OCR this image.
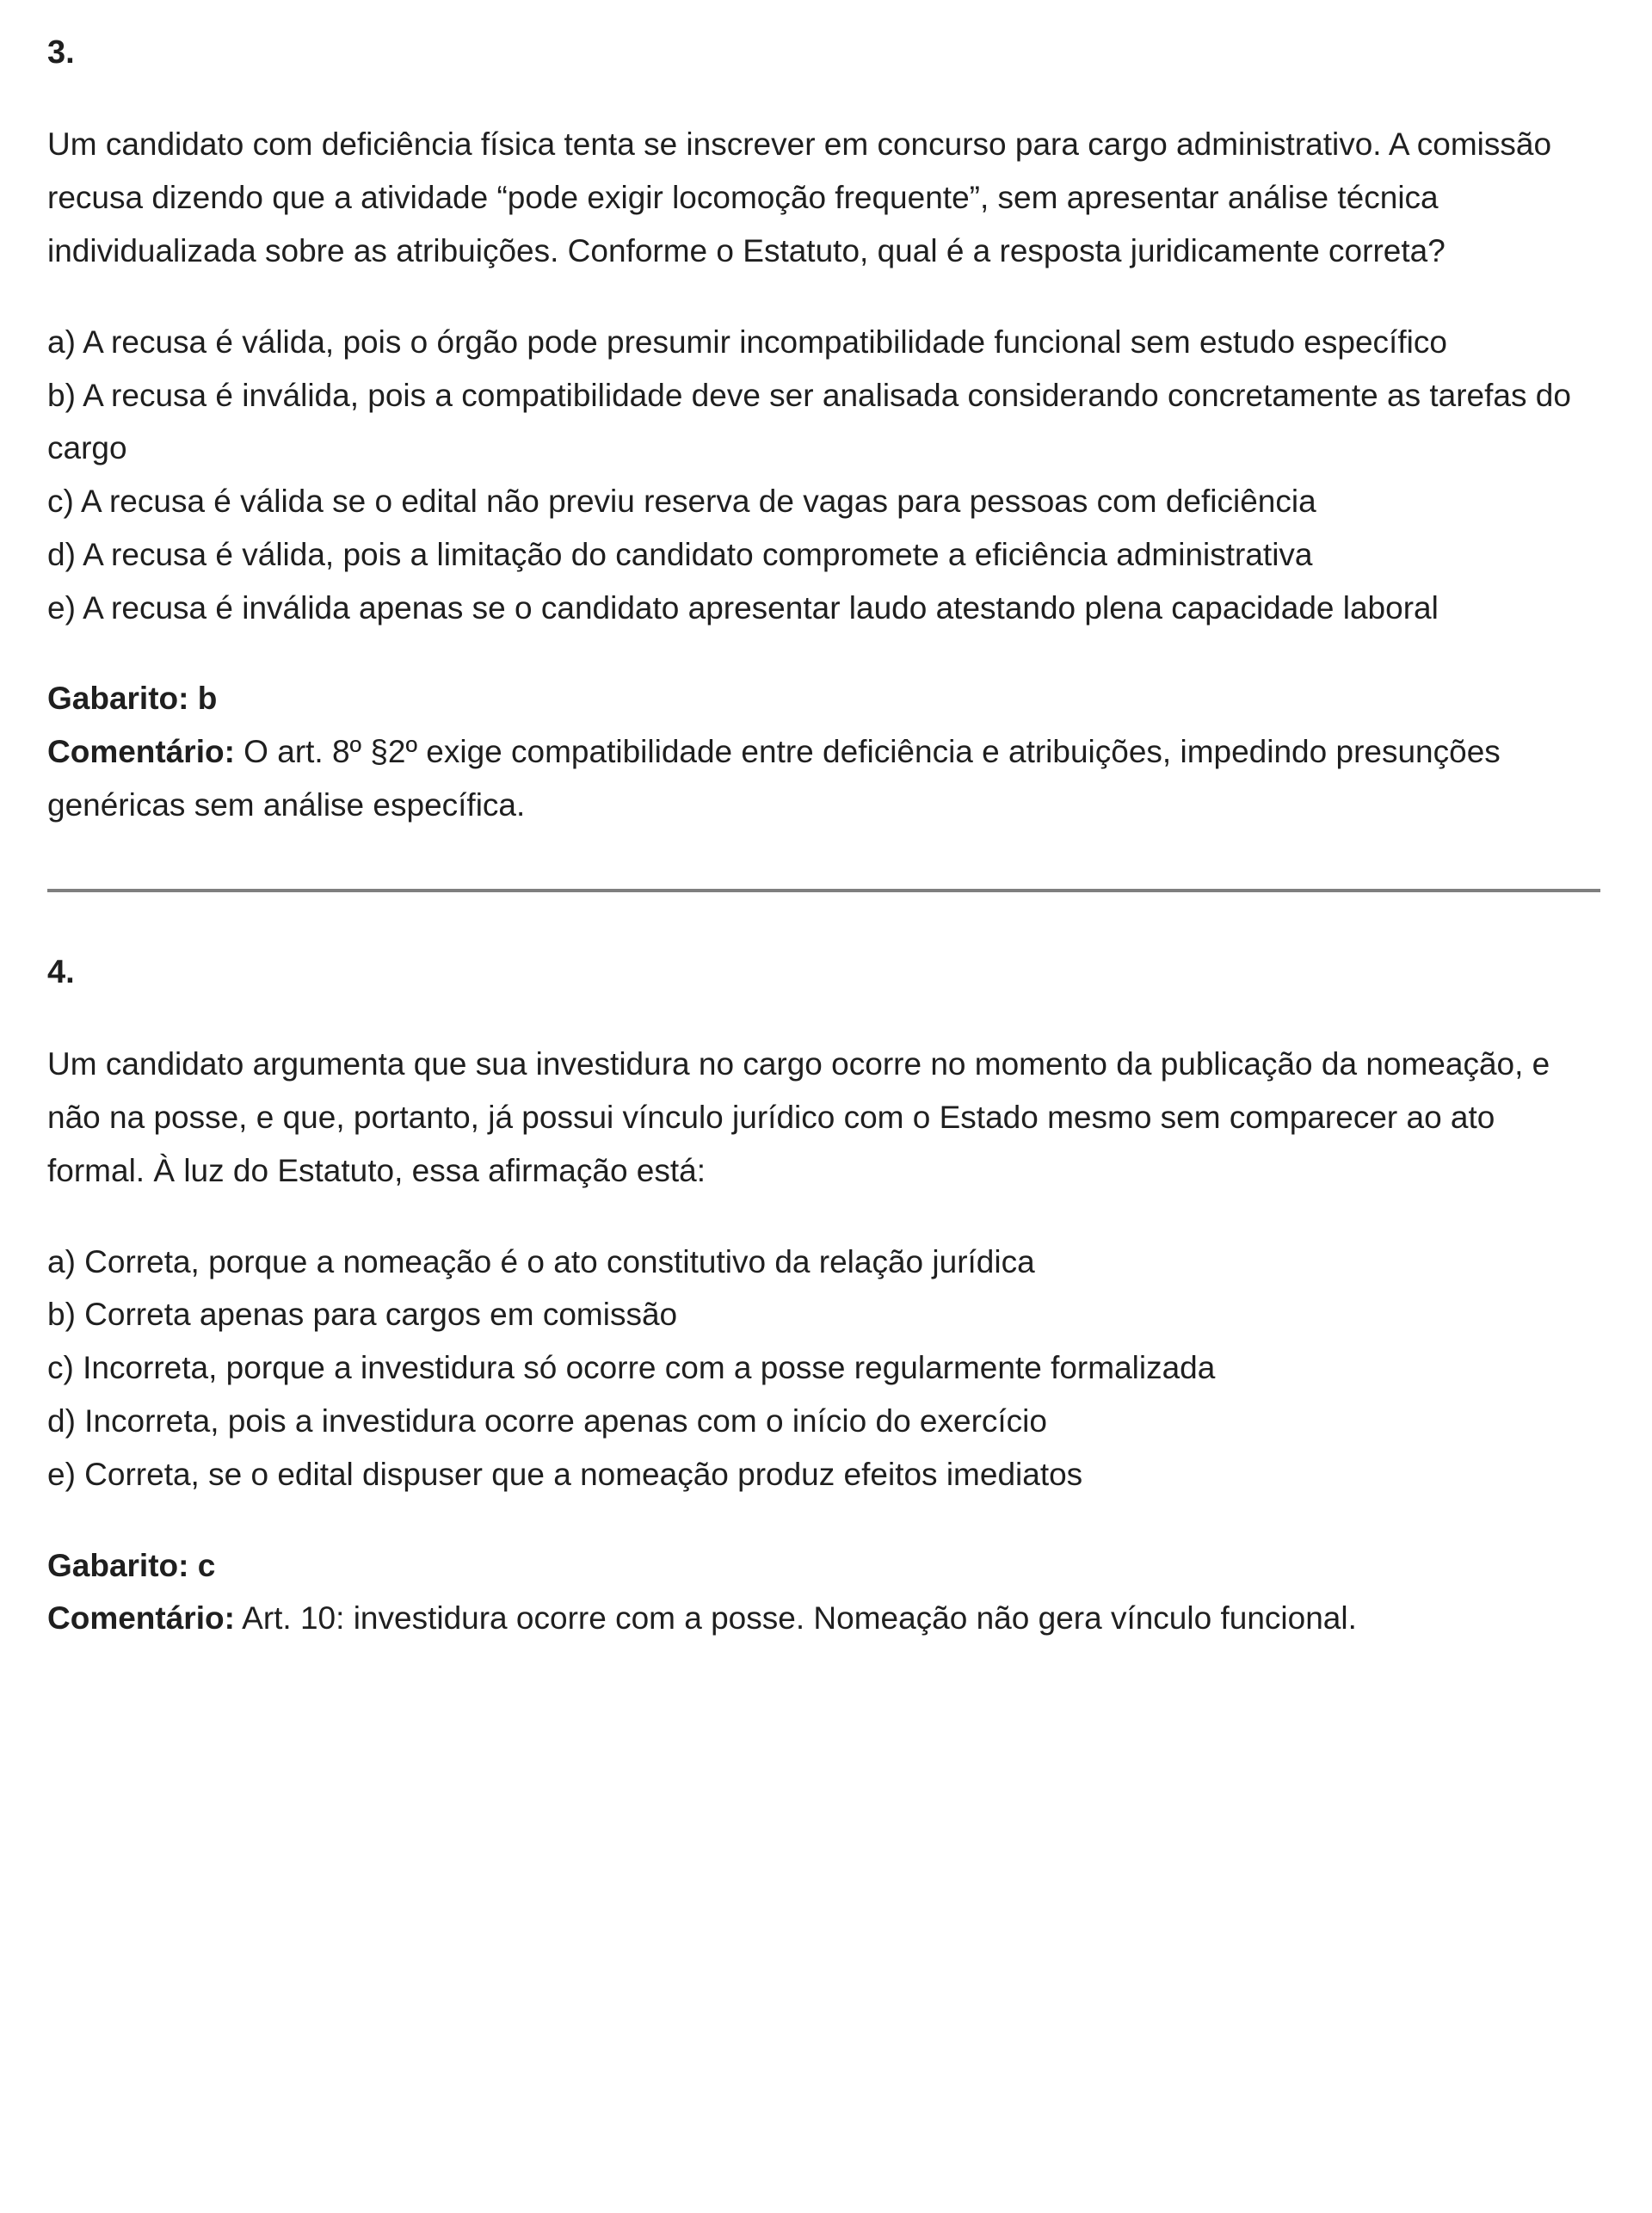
3.

Um candidato com deficiência física tenta se inscrever em concurso para cargo administrativo. A comissão recusa dizendo que a atividade “pode exigir locomoção frequente”, sem apresentar análise técnica individualizada sobre as atribuições. Conforme o Estatuto, qual é a resposta juridicamente correta?

a) A recusa é válida, pois o órgão pode presumir incompatibilidade funcional sem estudo específico

b) A recusa é inválida, pois a compatibilidade deve ser analisada considerando concretamente as tarefas do cargo

c) A recusa é válida se o edital não previu reserva de vagas para pessoas com deficiência

d) A recusa é válida, pois a limitação do candidato compromete a eficiência administrativa

e) A recusa é inválida apenas se o candidato apresentar laudo atestando plena capacidade laboral

Gabarito: b

Comentário: O art. 8º §2º exige compatibilidade entre deficiência e atribuições, impedindo presunções genéricas sem análise específica.

4.

Um candidato argumenta que sua investidura no cargo ocorre no momento da publicação da nomeação, e não na posse, e que, portanto, já possui vínculo jurídico com o Estado mesmo sem comparecer ao ato formal. À luz do Estatuto, essa afirmação está:

a) Correta, porque a nomeação é o ato constitutivo da relação jurídica

b) Correta apenas para cargos em comissão

c) Incorreta, porque a investidura só ocorre com a posse regularmente formalizada

d) Incorreta, pois a investidura ocorre apenas com o início do exercício

e) Correta, se o edital dispuser que a nomeação produz efeitos imediatos

Gabarito: c

Comentário: Art. 10: investidura ocorre com a posse. Nomeação não gera vínculo funcional.
